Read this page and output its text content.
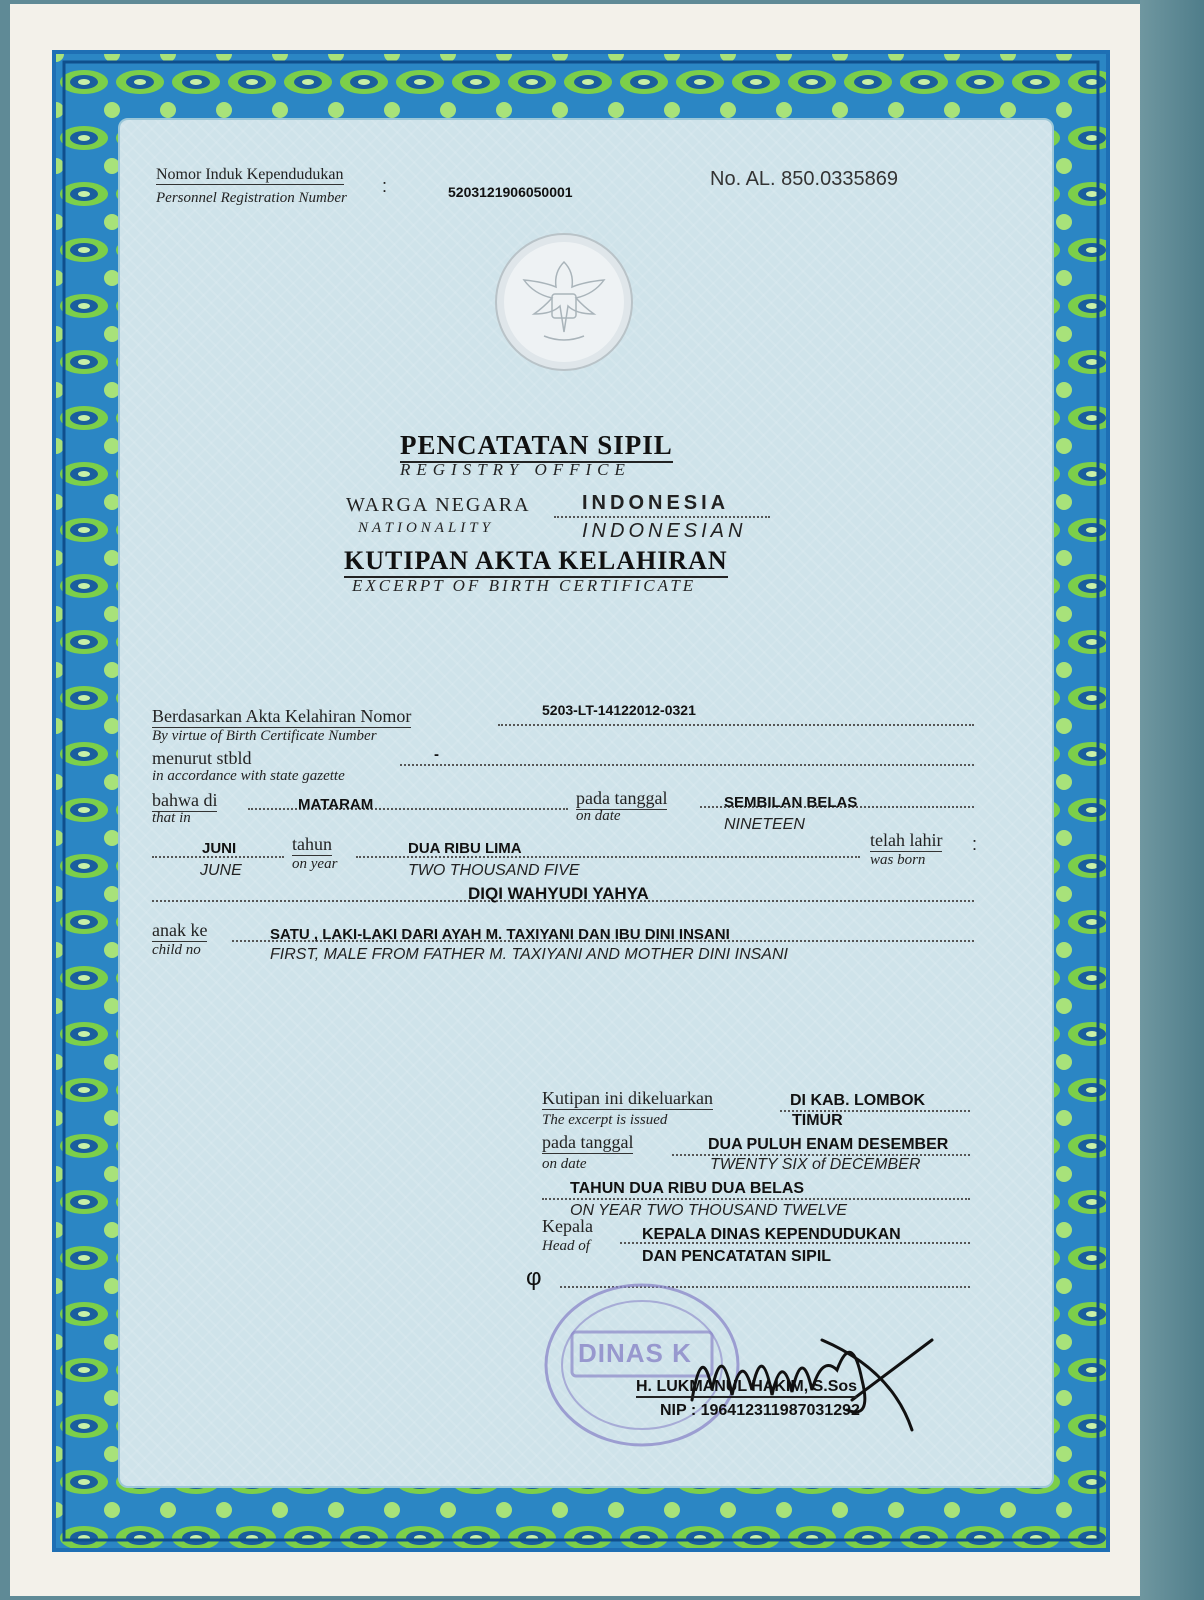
Nomor Induk Kependudukan
Personnel Registration Number
:	5203121906050001
No. AL. 850.0335869
PENCATATAN SIPIL
REGISTRY OFFICE
WARGA NEGARA
NATIONALITY
INDONESIA
INDONESIAN
KUTIPAN AKTA KELAHIRAN
EXCERPT OF BIRTH CERTIFICATE
Berdasarkan Akta Kelahiran Nomor
By virtue of Birth Certificate Number
5203-LT-14122012-0321
menurut stbld
in accordance with state gazette
-
bahwa di
that in
MATARAM	pada tanggal
on date
SEMBILAN BELAS
NINETEEN
JUNI
JUNE
tahun
on year
DUA RIBU LIMA
TWO THOUSAND FIVE
telah lahir
was born
:
DIQI WAHYUDI YAHYA
anak ke
child no
SATU , LAKI-LAKI DARI AYAH M. TAXIYANI DAN IBU DINI INSANI
FIRST, MALE FROM FATHER M. TAXIYANI AND MOTHER DINI INSANI
Kutipan ini dikeluarkan
The excerpt is issued
DI KAB. LOMBOK
TIMUR
pada tanggal
on date
DUA PULUH ENAM DESEMBER
TWENTY SIX of DECEMBER
TAHUN DUA RIBU DUA BELAS
ON YEAR TWO THOUSAND TWELVE
Kepala
Head of
KEPALA DINAS KEPENDUDUKAN
DAN PENCATATAN SIPIL
φ
DINAS K
H. LUKMANUL HAKIM, S.Sos
NIP : 196412311987031292
